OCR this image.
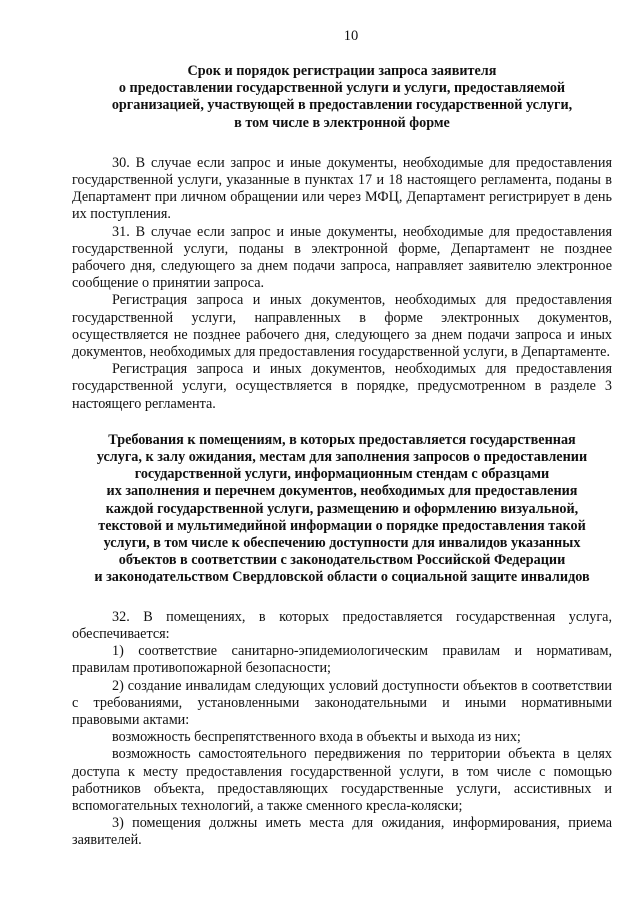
10
Срок и порядок регистрации запроса заявителя
о предоставлении государственной услуги и услуги, предоставляемой
организацией, участвующей в предоставлении государственной услуги,
в том числе в электронной форме

30. В случае если запрос и иные документы, необходимые для предоставления государственной услуги, указанные в пунктах 17 и 18 настоящего регламента, поданы в Департамент при личном обращении или через МФЦ, Департамент регистрирует в день их поступления.

31. В случае если запрос и иные документы, необходимые для предоставления государственной услуги, поданы в электронной форме, Департамент не позднее рабочего дня, следующего за днем подачи запроса, направляет заявителю электронное сообщение о принятии запроса.

Регистрация запроса и иных документов, необходимых для предоставления государственной услуги, направленных в форме электронных документов, осуществляется не позднее рабочего дня, следующего за днем подачи запроса и иных документов, необходимых для предоставления государственной услуги, в Департаменте.

Регистрация запроса и иных документов, необходимых для предоставления государственной услуги, осуществляется в порядке, предусмотренном в разделе 3 настоящего регламента.

Требования к помещениям, в которых предоставляется государственная
услуга, к залу ожидания, местам для заполнения запросов о предоставлении
государственной услуги, информационным стендам с образцами
их заполнения и перечнем документов, необходимых для предоставления
каждой государственной услуги, размещению и оформлению визуальной,
текстовой и мультимедийной информации о порядке предоставления такой
услуги, в том числе к обеспечению доступности для инвалидов указанных
объектов в соответствии с законодательством Российской Федерации
и законодательством Свердловской области о социальной защите инвалидов

32. В помещениях, в которых предоставляется государственная услуга, обеспечивается:

1) соответствие санитарно-эпидемиологическим правилам и нормативам, правилам противопожарной безопасности;

2) создание инвалидам следующих условий доступности объектов в соответствии с требованиями, установленными законодательными и иными нормативными правовыми актами:

возможность беспрепятственного входа в объекты и выхода из них;

возможность самостоятельного передвижения по территории объекта в целях доступа к месту предоставления государственной услуги, в том числе с помощью работников объекта, предоставляющих государственные услуги, ассистивных и вспомогательных технологий, а также сменного кресла-коляски;

3) помещения должны иметь места для ожидания, информирования, приема заявителей.
